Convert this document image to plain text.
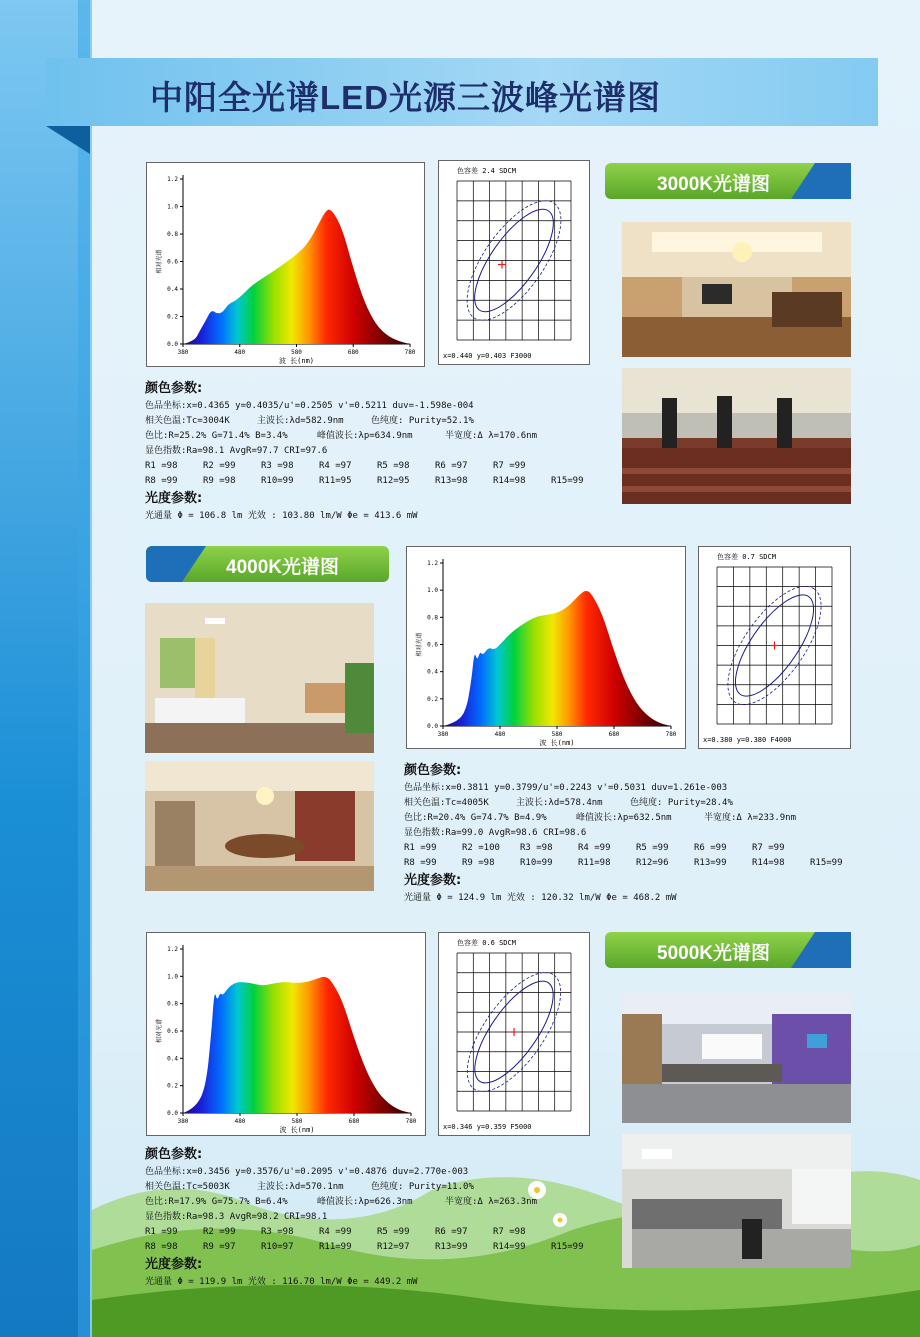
中阳全光谱LED光源三波峰光谱图
0.0
0.2
0.4
0.6
0.8
1.0
1.2
380	480	580	680	780
波 长(nm)
相对光谱
色容差 2.4 SDCM
x=0.440 y=0.403 F3000
3000K光谱图
颜色参数:
色品坐标:x=0.4365 y=0.4035/u'=0.2505 v'=0.5211 duv=-1.598e-004
相关色温:Tc=3004K	主波长:λd=582.9nm	色纯度: Purity=52.1%
色比:R=25.2% G=71.4% B=3.4%	峰值波长:λp=634.9nm	半宽度:Δ λ=170.6nm
显色指数:Ra=98.1 AvgR=97.7 CRI=97.6
R1 =98	R2 =99	R3 =98	R4 =97	R5 =98	R6 =97	R7 =99
R8 =99	R9 =98	R10=99	R11=95	R12=95	R13=98	R14=98	R15=99
光度参数:
光通量 Φ = 106.8 lm 光效 : 103.80 lm/W Φe = 413.6 mW
4000K光谱图
0.0
0.2
0.4
0.6
0.8
1.0
1.2
380	480	580	680	780
波 长(nm)
相对光谱
色容差 0.7 SDCM
x=0.380 y=0.380 F4000
颜色参数:
色品坐标:x=0.3811 y=0.3799/u'=0.2243 v'=0.5031 duv=1.261e-003
相关色温:Tc=4005K	主波长:λd=578.4nm	色纯度: Purity=28.4%
色比:R=20.4% G=74.7% B=4.9%	峰值波长:λp=632.5nm	半宽度:Δ λ=233.9nm
显色指数:Ra=99.0 AvgR=98.6 CRI=98.6
R1 =99	R2 =100 R3 =98	R4 =99	R5 =99	R6 =99	R7 =99
R8 =99	R9 =98	R10=99	R11=98	R12=96	R13=99	R14=98	R15=99
光度参数:
光通量 Φ = 124.9 lm 光效 : 120.32 lm/W Φe = 468.2 mW
0.0
0.2
0.4
0.6
0.8
1.0
1.2
380	480	580	680	780
波 长(nm)
相对光谱
色容差 0.6 SDCM
x=0.346 y=0.359 F5000
5000K光谱图
颜色参数:
色品坐标:x=0.3456 y=0.3576/u'=0.2095 v'=0.4876 duv=2.770e-003
相关色温:Tc=5003K	主波长:λd=570.1nm	色纯度: Purity=11.0%
色比:R=17.9% G=75.7% B=6.4%	峰值波长:λp=626.3nm	半宽度:Δ λ=263.3nm
显色指数:Ra=98.3 AvgR=98.2 CRI=98.1
R1 =99	R2 =99	R3 =98	R4 =99	R5 =99	R6 =97	R7 =98
R8 =98	R9 =97	R10=97	R11=99	R12=97	R13=99	R14=99	R15=99
光度参数:
光通量 Φ = 119.9 lm 光效 : 116.70 lm/W Φe = 449.2 mW
